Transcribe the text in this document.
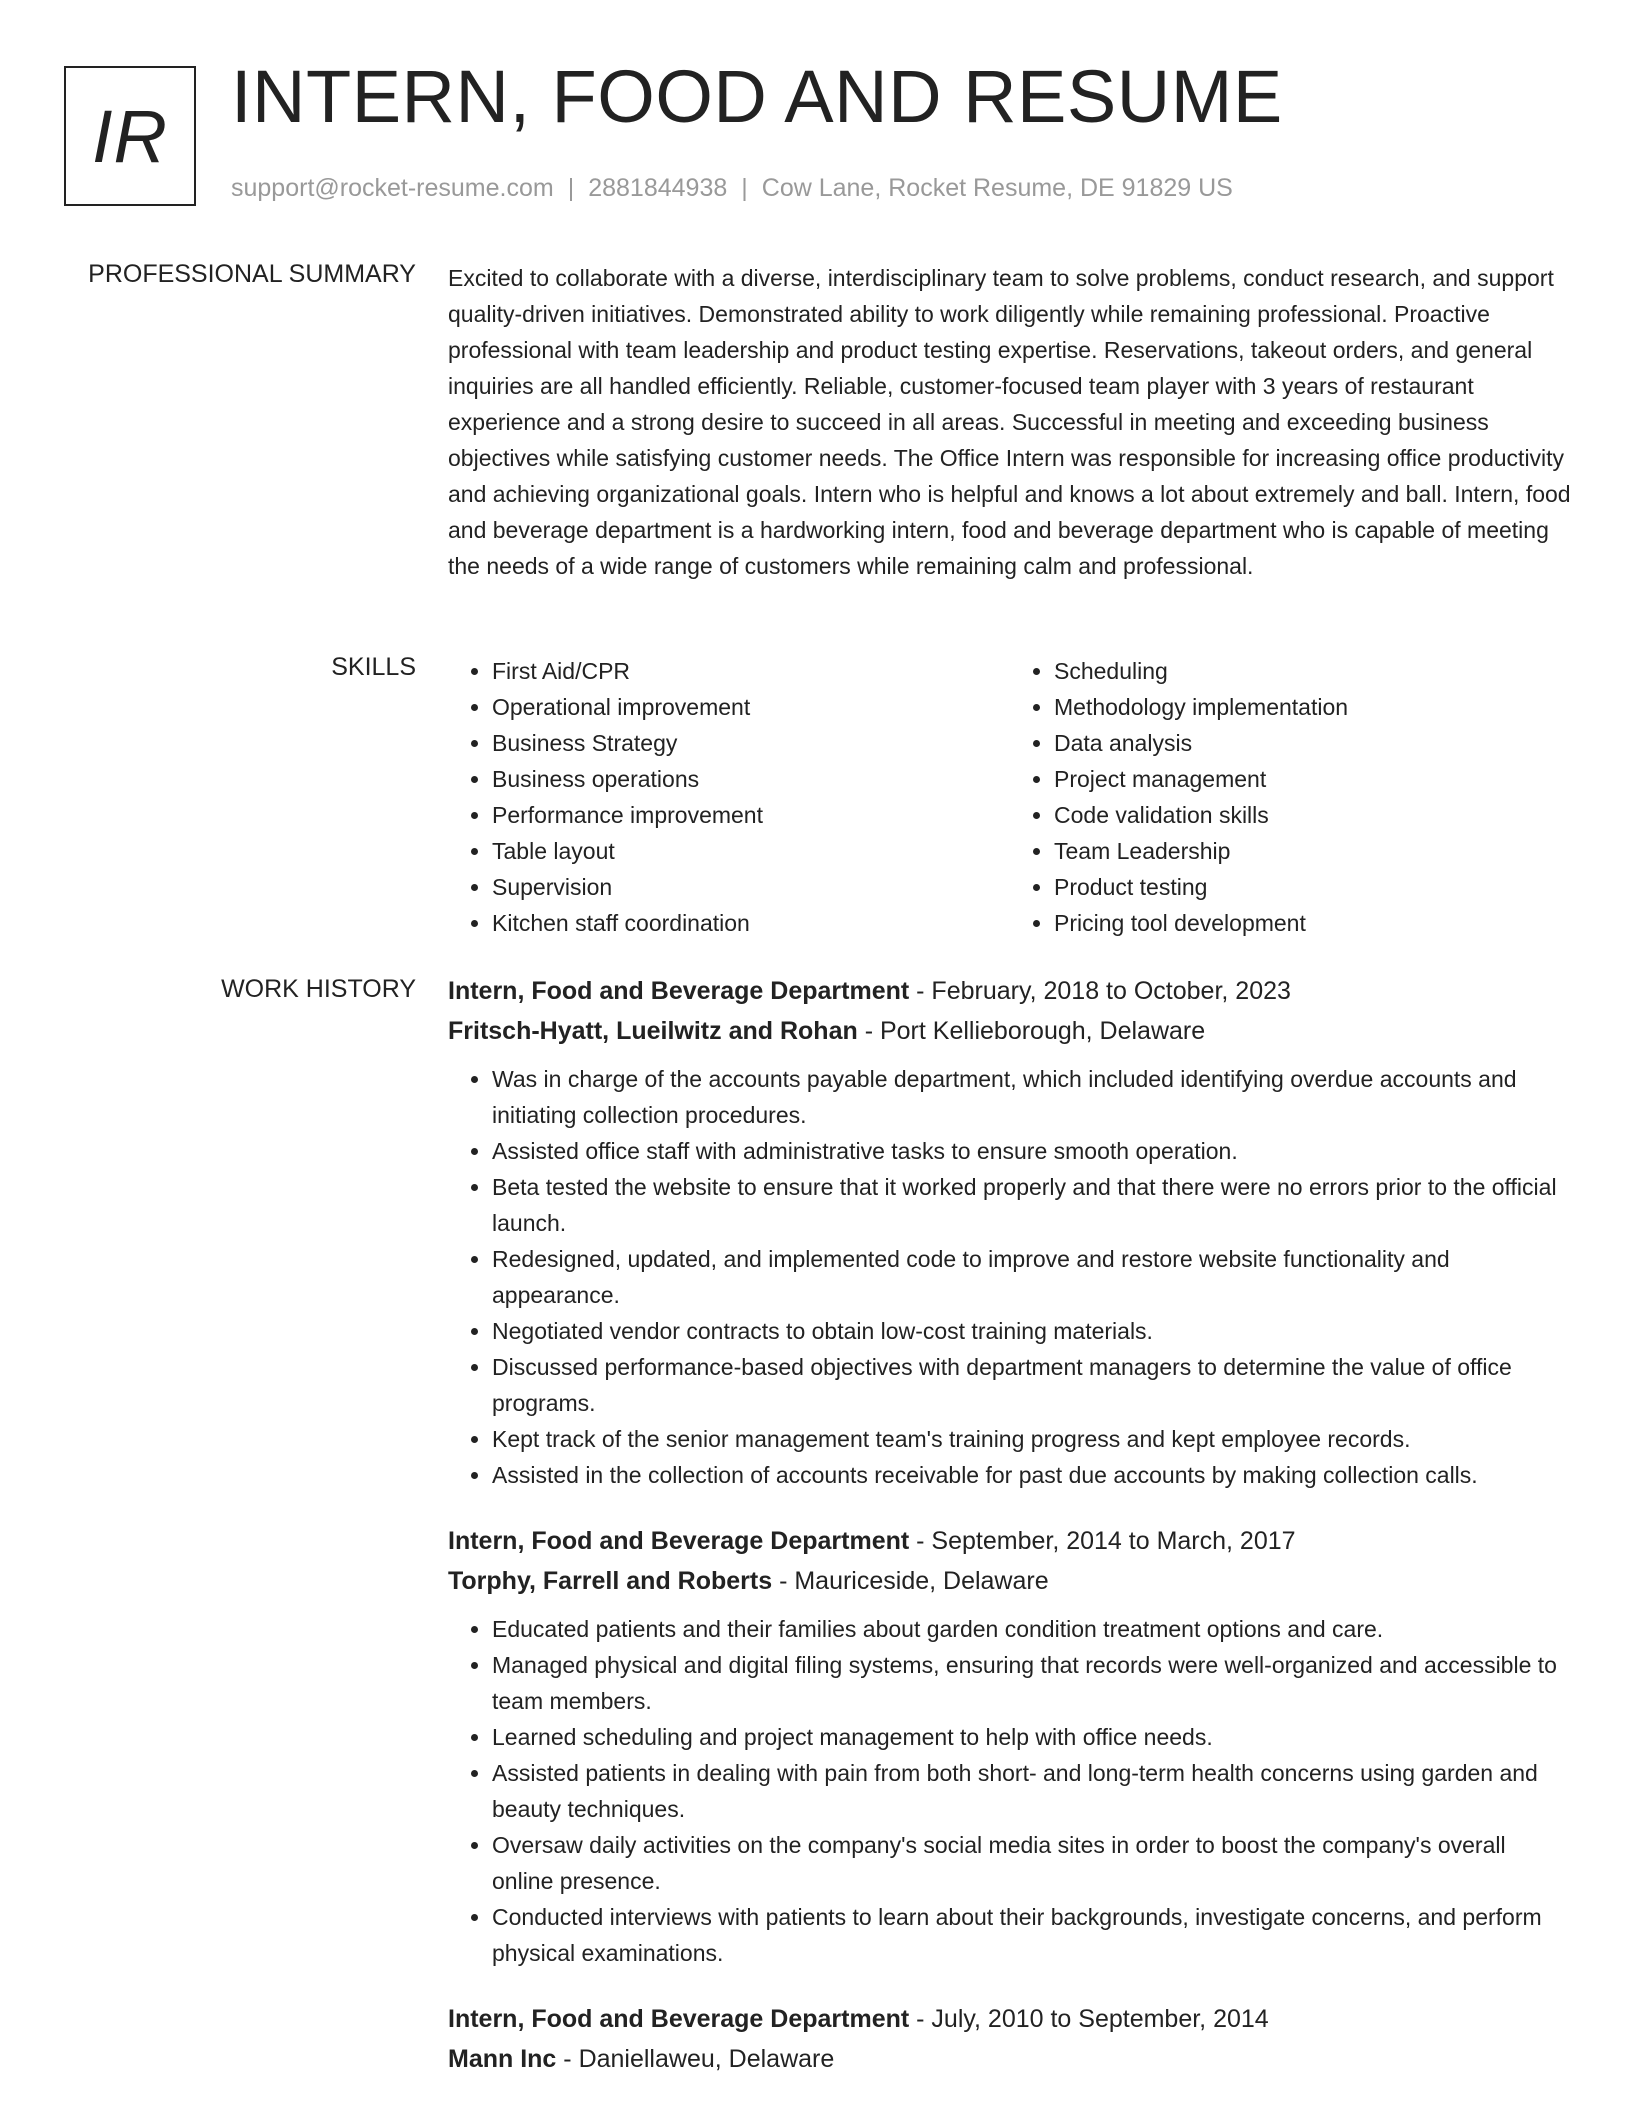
IR INTERN, FOOD AND RESUME
support@rocket-resume.com | 2881844938 | Cow Lane, Rocket Resume, DE 91829 US
PROFESSIONAL SUMMARY Excited to collaborate with a diverse, interdisciplinary team to solve problems, conduct research, and support quality-driven initiatives. Demonstrated ability to work diligently while remaining professional. Proactive professional with team leadership and product testing expertise. Reservations, takeout orders, and general inquiries are all handled efficiently. Reliable, customer-focused team player with 3 years of restaurant experience and a strong desire to succeed in all areas. Successful in meeting and exceeding business objectives while satisfying customer needs. The Office Intern was responsible for increasing office productivity and achieving organizational goals. Intern who is helpful and knows a lot about extremely and ball. Intern, food and beverage department is a hardworking intern, food and beverage department who is capable of meeting the needs of a wide range of customers while remaining calm and professional.

SKILLS
•	First Aid/CPR
• Operational improvement
• Business Strategy
• Business operations
• Performance improvement
• Table layout
• Supervision
• Kitchen staff coordination
• Scheduling
• Methodology implementation
• Data analysis
• Project management
• Code validation skills
• Team Leadership
• Product testing
• Pricing tool development
WORK HISTORY Intern, Food and Beverage Department - February, 2018 to October, 2023
Fritsch-Hyatt, Lueilwitz and Rohan - Port Kellieborough, Delaware
• Was in charge of the accounts payable department, which included identifying overdue accounts and initiating collection procedures.
• Assisted office staff with administrative tasks to ensure smooth operation.
• Beta tested the website to ensure that it worked properly and that there were no errors prior to the official launch.
• Redesigned, updated, and implemented code to improve and restore website functionality and appearance.
• Negotiated vendor contracts to obtain low-cost training materials.
• Discussed performance-based objectives with department managers to determine the value of office programs.
• Kept track of the senior management team's training progress and kept employee records.
• Assisted in the collection of accounts receivable for past due accounts by making collection calls.
Intern, Food and Beverage Department - September, 2014 to March, 2017
Torphy, Farrell and Roberts - Mauriceside, Delaware
• Educated patients and their families about garden condition treatment options and care.
• Managed physical and digital filing systems, ensuring that records were well-organized and accessible to team members.
• Learned scheduling and project management to help with office needs.
• Assisted patients in dealing with pain from both short- and long-term health concerns using garden and beauty techniques.
• Oversaw daily activities on the company's social media sites in order to boost the company's overall online presence.
• Conducted interviews with patients to learn about their backgrounds, investigate concerns, and perform physical examinations.
Intern, Food and Beverage Department - July, 2010 to September, 2014
Mann Inc - Daniellaweu, Delaware
